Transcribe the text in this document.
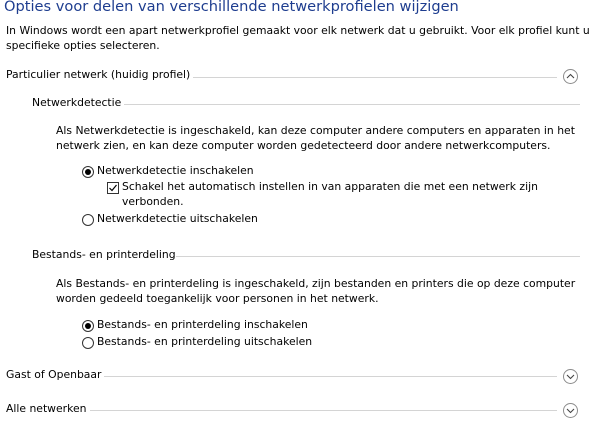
Opties voor delen van verschillende netwerkprofielen wijzigen
In Windows wordt een apart netwerkprofiel gemaakt voor elk netwerk dat u gebruikt. Voor elk profiel kunt u
specifieke opties selecteren.
Particulier netwerk (huidig profiel)
Netwerkdetectie
Als Netwerkdetectie is ingeschakeld, kan deze computer andere computers en apparaten in het
netwerk zien, en kan deze computer worden gedetecteerd door andere netwerkcomputers.
Netwerkdetectie inschakelen
Schakel het automatisch instellen in van apparaten die met een netwerk zijn
verbonden.
Netwerkdetectie uitschakelen
Bestands- en printerdeling
Als Bestands- en printerdeling is ingeschakeld, zijn bestanden en printers die op deze computer
worden gedeeld toegankelijk voor personen in het netwerk.
Bestands- en printerdeling inschakelen
Bestands- en printerdeling uitschakelen
Gast of Openbaar
Alle netwerken
